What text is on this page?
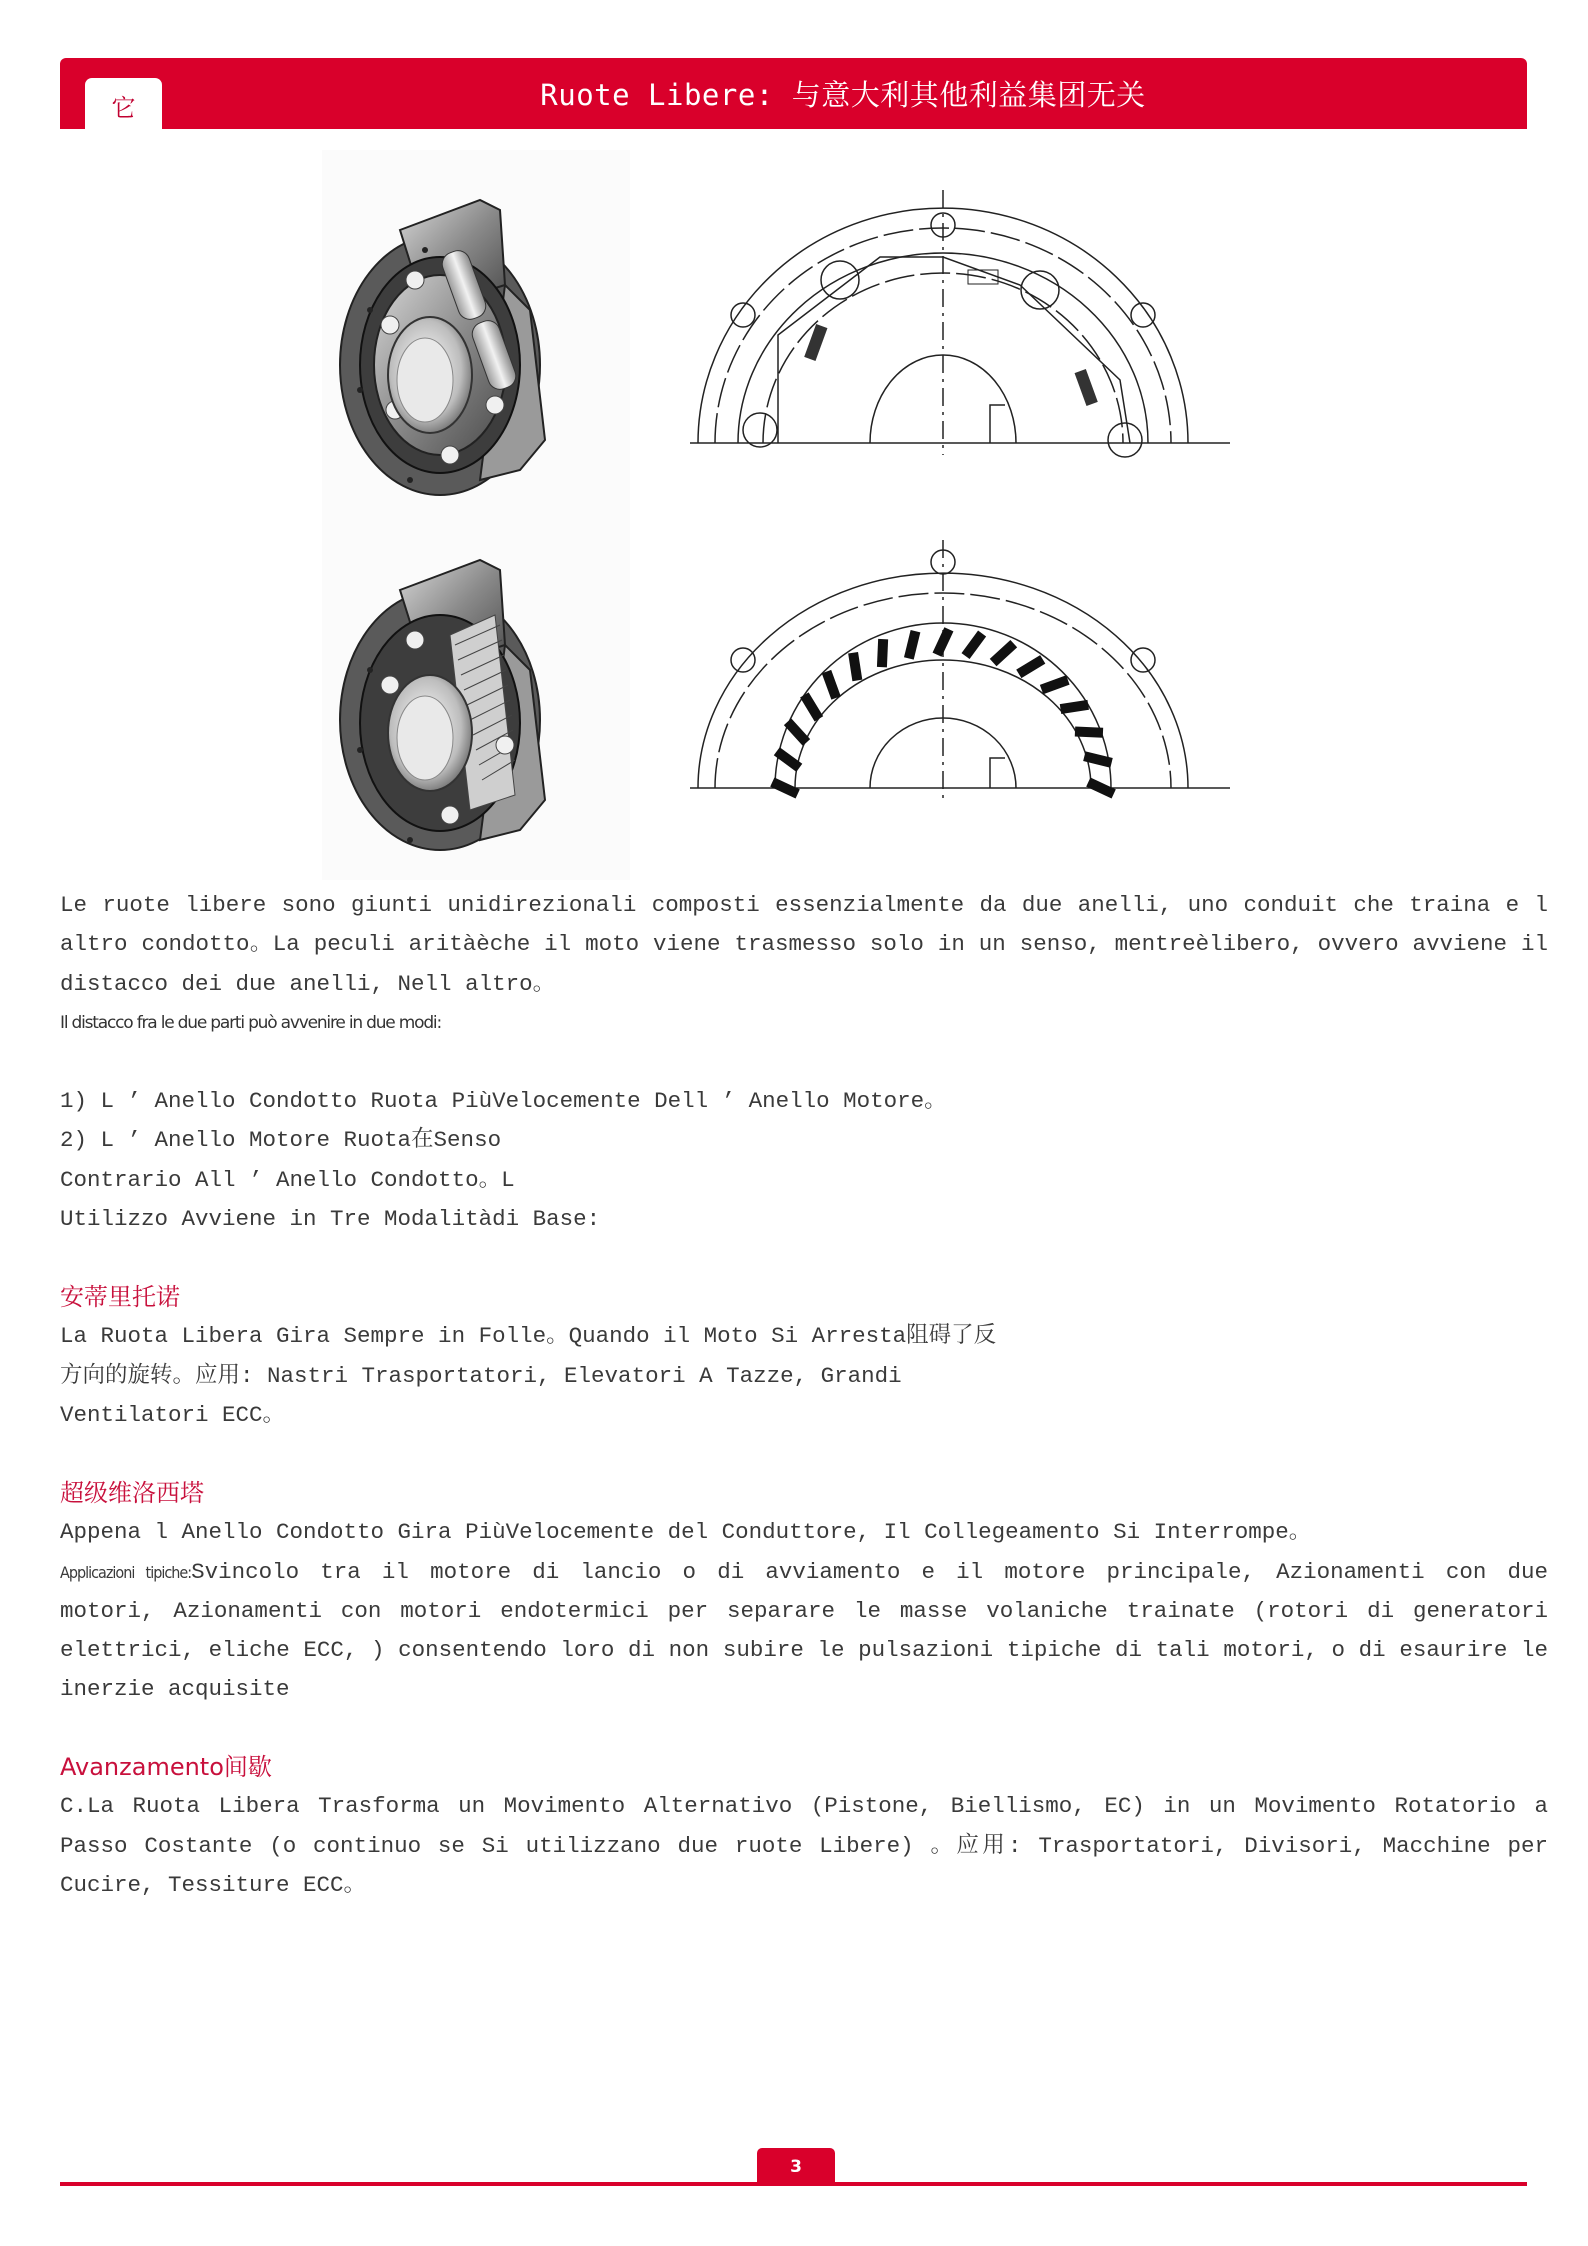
它	Ruote Libere: 与意大利其他利益集团无关
Le ruote libere sono giunti unidirezionali composti essenzialmente da due anelli, uno conduit che traina e l
altro condotto。La peculi aritàèche il moto viene trasmesso solo in un senso, mentreèlibero, ovvero avviene il
distacco dei due anelli, Nell altro。
Il distacco fra le due parti può avvenire in due modi:
1) L ’ Anello Condotto Ruota PiùVelocemente Dell ’ Anello Motore。
2) L ’ Anello Motore Ruota在Senso
Contrario All ’ Anello Condotto。L
Utilizzo Avviene in Tre Modalitàdi Base:
安蒂里托诺
La Ruota Libera Gira Sempre in Folle。Quando il Moto Si Arresta阻碍了反
方向的旋转。应用: Nastri Trasportatori, Elevatori A Tazze, Grandi
Ventilatori ECC。
超级维洛西塔
Appena l Anello Condotto Gira PiùVelocemente del Conduttore, Il Collegeamento Si Interrompe。
Applicazioni tipiche:Svincolo tra il motore di lancio o di avviamento e il motore principale, Azionamenti con due
motori, Azionamenti con motori endotermici per separare le masse volaniche trainate (rotori di generatori
elettrici, eliche ECC, ) consentendo loro di non subire le pulsazioni tipiche di tali motori, o di esaurire le
inerzie acquisite
Avanzamento间歇
C.La Ruota Libera Trasforma un Movimento Alternativo (Pistone, Biellismo, EC) in un Movimento Rotatorio a
Passo Costante (o continuo se Si utilizzano due ruote Libere) 。应用: Trasportatori, Divisori, Macchine per
Cucire, Tessiture ECC。
3
